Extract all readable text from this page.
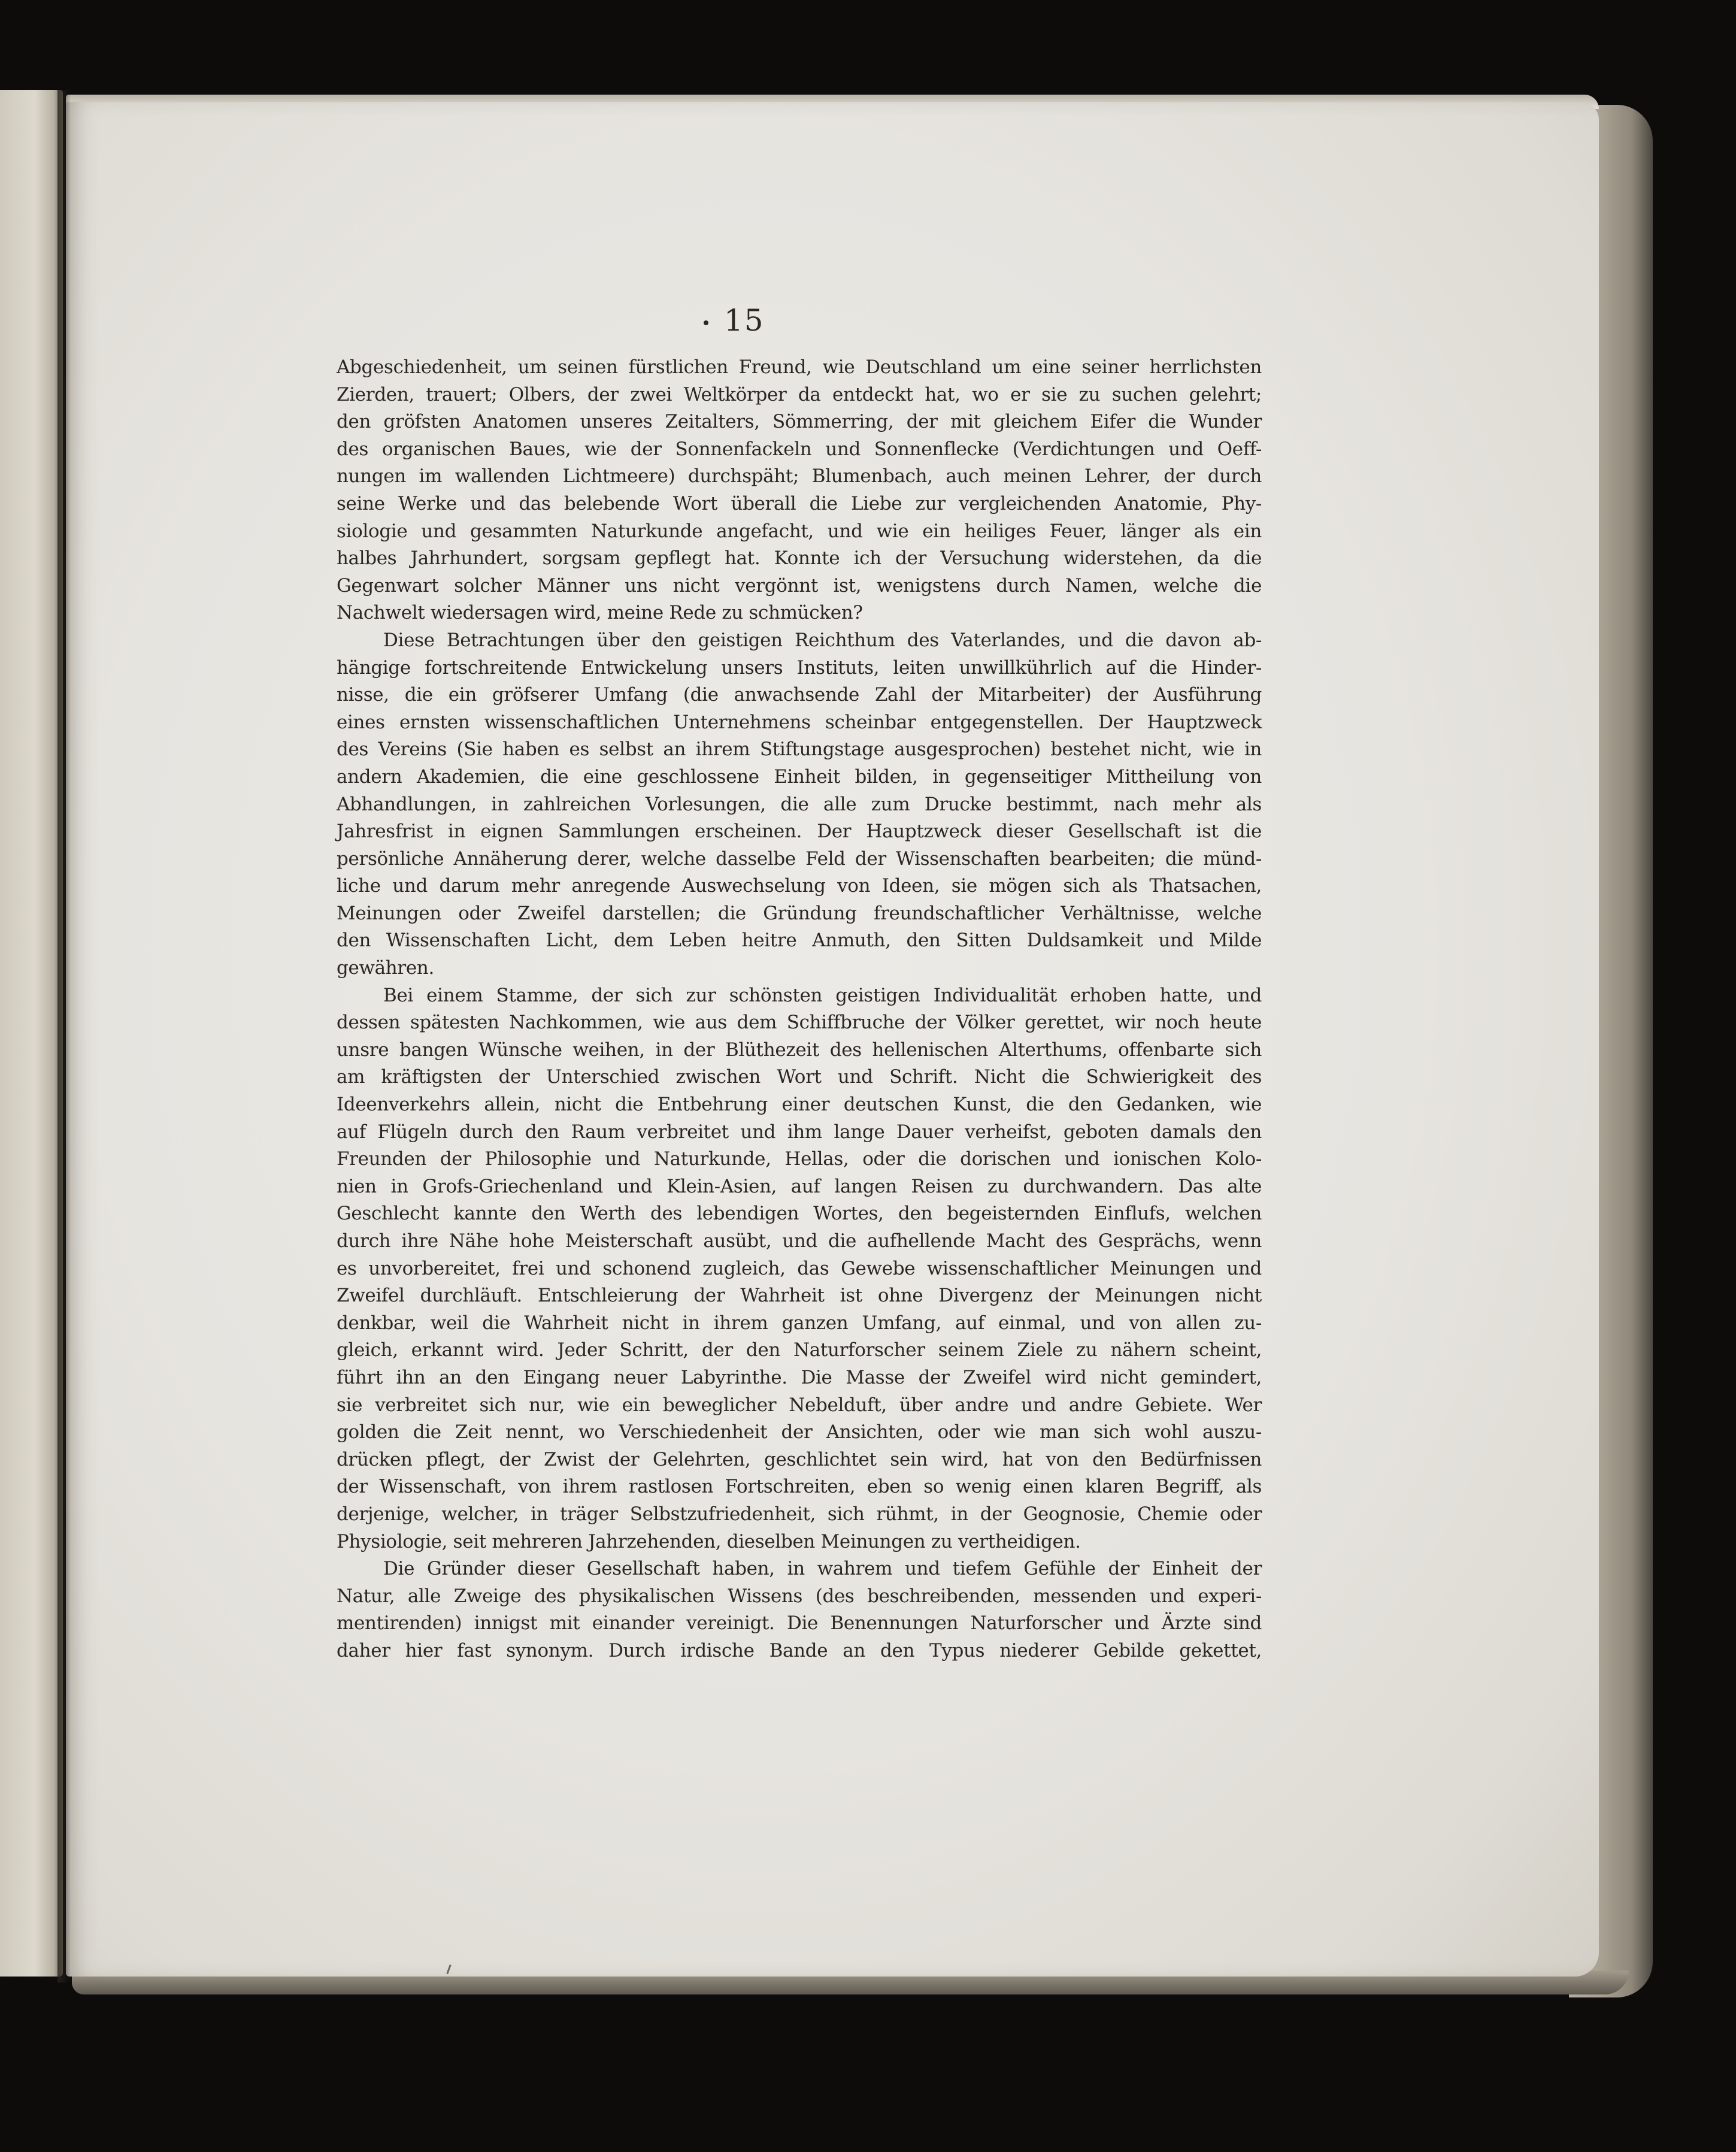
15
Abgeschiedenheit, um seinen fürstlichen Freund, wie Deutschland um eine seiner herrlichsten
Zierden, trauert; Olbers, der zwei Weltkörper da entdeckt hat, wo er sie zu suchen gelehrt;
den gröfsten Anatomen unseres Zeitalters, Sömmerring, der mit gleichem Eifer die Wunder
des organischen Baues, wie der Sonnenfackeln und Sonnenflecke (Verdichtungen und Oeff-
nungen im wallenden Lichtmeere) durchspäht; Blumenbach, auch meinen Lehrer, der durch
seine Werke und das belebende Wort überall die Liebe zur vergleichenden Anatomie, Phy-
siologie und gesammten Naturkunde angefacht, und wie ein heiliges Feuer, länger als ein
halbes Jahrhundert, sorgsam gepflegt hat. Konnte ich der Versuchung widerstehen, da die
Gegenwart solcher Männer uns nicht vergönnt ist, wenigstens durch Namen, welche die
Nachwelt wiedersagen wird, meine Rede zu schmücken?
Diese Betrachtungen über den geistigen Reichthum des Vaterlandes, und die davon ab-
hängige fortschreitende Entwickelung unsers Instituts, leiten unwillkührlich auf die Hinder-
nisse, die ein gröfserer Umfang (die anwachsende Zahl der Mitarbeiter) der Ausführung
eines ernsten wissenschaftlichen Unternehmens scheinbar entgegenstellen. Der Hauptzweck
des Vereins (Sie haben es selbst an ihrem Stiftungstage ausgesprochen) bestehet nicht, wie in
andern Akademien, die eine geschlossene Einheit bilden, in gegenseitiger Mittheilung von
Abhandlungen, in zahlreichen Vorlesungen, die alle zum Drucke bestimmt, nach mehr als
Jahresfrist in eignen Sammlungen erscheinen. Der Hauptzweck dieser Gesellschaft ist die
persönliche Annäherung derer, welche dasselbe Feld der Wissenschaften bearbeiten; die münd-
liche und darum mehr anregende Auswechselung von Ideen, sie mögen sich als Thatsachen,
Meinungen oder Zweifel darstellen; die Gründung freundschaftlicher Verhältnisse, welche
den Wissenschaften Licht, dem Leben heitre Anmuth, den Sitten Duldsamkeit und Milde
gewähren.
Bei einem Stamme, der sich zur schönsten geistigen Individualität erhoben hatte, und
dessen spätesten Nachkommen, wie aus dem Schiffbruche der Völker gerettet, wir noch heute
unsre bangen Wünsche weihen, in der Blüthezeit des hellenischen Alterthums, offenbarte sich
am kräftigsten der Unterschied zwischen Wort und Schrift. Nicht die Schwierigkeit des
Ideenverkehrs allein, nicht die Entbehrung einer deutschen Kunst, die den Gedanken, wie
auf Flügeln durch den Raum verbreitet und ihm lange Dauer verheifst, geboten damals den
Freunden der Philosophie und Naturkunde, Hellas, oder die dorischen und ionischen Kolo-
nien in Grofs-Griechenland und Klein-Asien, auf langen Reisen zu durchwandern. Das alte
Geschlecht kannte den Werth des lebendigen Wortes, den begeisternden Einflufs, welchen
durch ihre Nähe hohe Meisterschaft ausübt, und die aufhellende Macht des Gesprächs, wenn
es unvorbereitet, frei und schonend zugleich, das Gewebe wissenschaftlicher Meinungen und
Zweifel durchläuft. Entschleierung der Wahrheit ist ohne Divergenz der Meinungen nicht
denkbar, weil die Wahrheit nicht in ihrem ganzen Umfang, auf einmal, und von allen zu-
gleich, erkannt wird. Jeder Schritt, der den Naturforscher seinem Ziele zu nähern scheint,
führt ihn an den Eingang neuer Labyrinthe. Die Masse der Zweifel wird nicht gemindert,
sie verbreitet sich nur, wie ein beweglicher Nebelduft, über andre und andre Gebiete. Wer
golden die Zeit nennt, wo Verschiedenheit der Ansichten, oder wie man sich wohl auszu-
drücken pflegt, der Zwist der Gelehrten, geschlichtet sein wird, hat von den Bedürfnissen
der Wissenschaft, von ihrem rastlosen Fortschreiten, eben so wenig einen klaren Begriff, als
derjenige, welcher, in träger Selbstzufriedenheit, sich rühmt, in der Geognosie, Chemie oder
Physiologie, seit mehreren Jahrzehenden, dieselben Meinungen zu vertheidigen.
Die Gründer dieser Gesellschaft haben, in wahrem und tiefem Gefühle der Einheit der
Natur, alle Zweige des physikalischen Wissens (des beschreibenden, messenden und experi-
mentirenden) innigst mit einander vereinigt. Die Benennungen Naturforscher und Ärzte sind
daher hier fast synonym. Durch irdische Bande an den Typus niederer Gebilde gekettet,
